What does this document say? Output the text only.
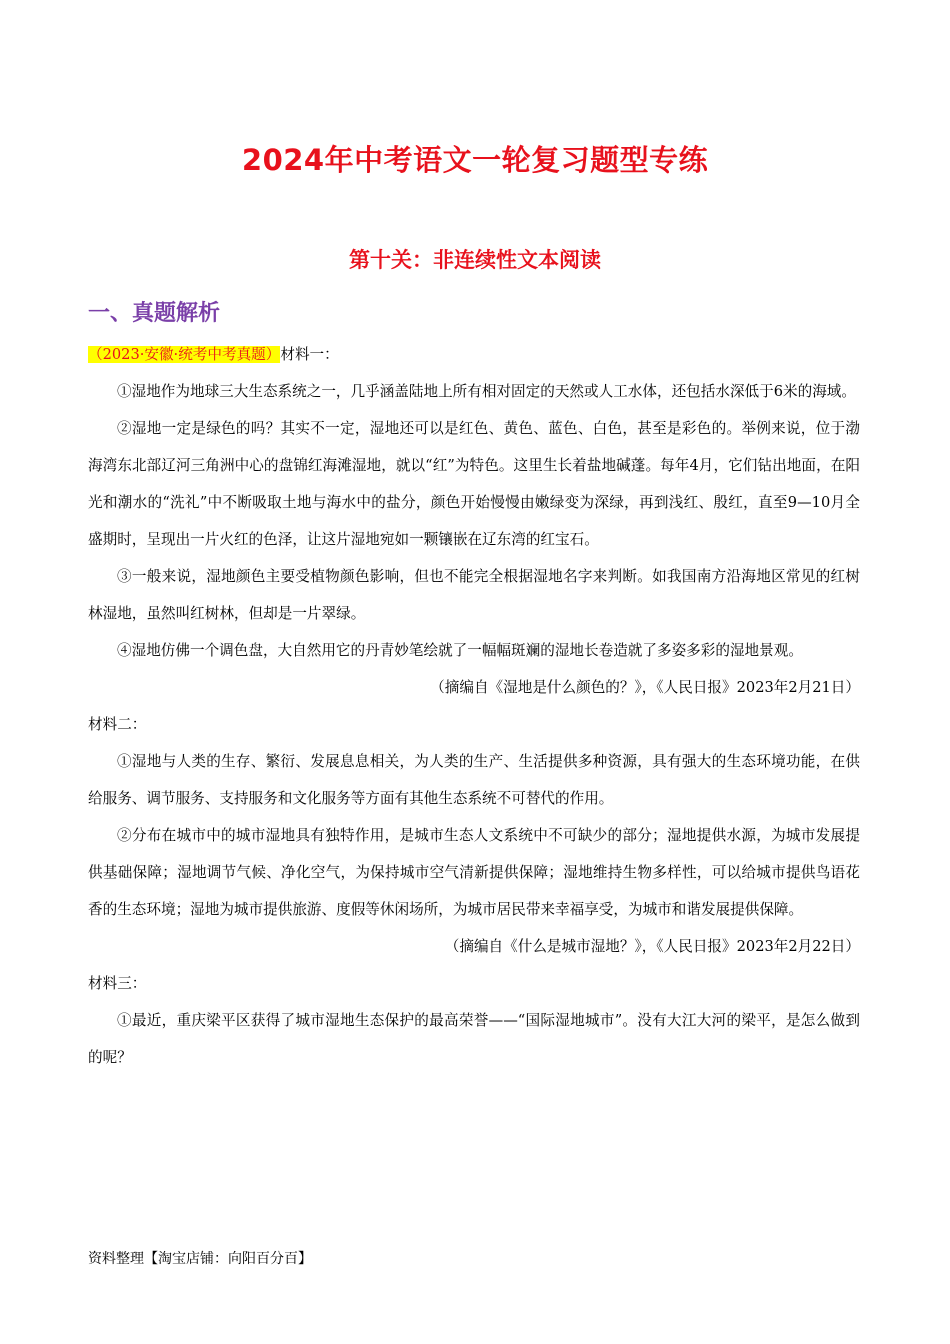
2024年中考语文一轮复习题型专练
第十关：非连续性文本阅读
一、真题解析

（2023·安徽·统考中考真题）材料一：

①湿地作为地球三大生态系统之一，几乎涵盖陆地上所有相对固定的天然或人工水体，还包括水深低于6米的海域。

②湿地一定是绿色的吗？其实不一定，湿地还可以是红色、黄色、蓝色、白色，甚至是彩色的。举例来说，位于渤海湾东北部辽河三角洲中心的盘锦红海滩湿地，就以“红”为特色。这里生长着盐地碱蓬。每年4月，它们钻出地面，在阳光和潮水的“洗礼”中不断吸取土地与海水中的盐分，颜色开始慢慢由嫩绿变为深绿，再到浅红、殷红，直至9—10月全盛期时，呈现出一片火红的色泽，让这片湿地宛如一颗镶嵌在辽东湾的红宝石。

③一般来说，湿地颜色主要受植物颜色影响，但也不能完全根据湿地名字来判断。如我国南方沿海地区常见的红树林湿地，虽然叫红树林，但却是一片翠绿。

④湿地仿佛一个调色盘，大自然用它的丹青妙笔绘就了一幅幅斑斓的湿地长卷造就了多姿多彩的湿地景观。

（摘编自《湿地是什么颜色的？》，《人民日报》2023年2月21日）

材料二：

①湿地与人类的生存、繁衍、发展息息相关，为人类的生产、生活提供多种资源，具有强大的生态环境功能，在供给服务、调节服务、支持服务和文化服务等方面有其他生态系统不可替代的作用。

②分布在城市中的城市湿地具有独特作用，是城市生态人文系统中不可缺少的部分；湿地提供水源，为城市发展提供基础保障；湿地调节气候、净化空气，为保持城市空气清新提供保障；湿地维持生物多样性，可以给城市提供鸟语花香的生态环境；湿地为城市提供旅游、度假等休闲场所，为城市居民带来幸福享受，为城市和谐发展提供保障。

（摘编自《什么是城市湿地？》，《人民日报》2023年2月22日）

材料三：

①最近，重庆梁平区获得了城市湿地生态保护的最高荣誉——“国际湿地城市”。没有大江大河的梁平，是怎么做到的呢？

资料整理【淘宝店铺：向阳百分百】
